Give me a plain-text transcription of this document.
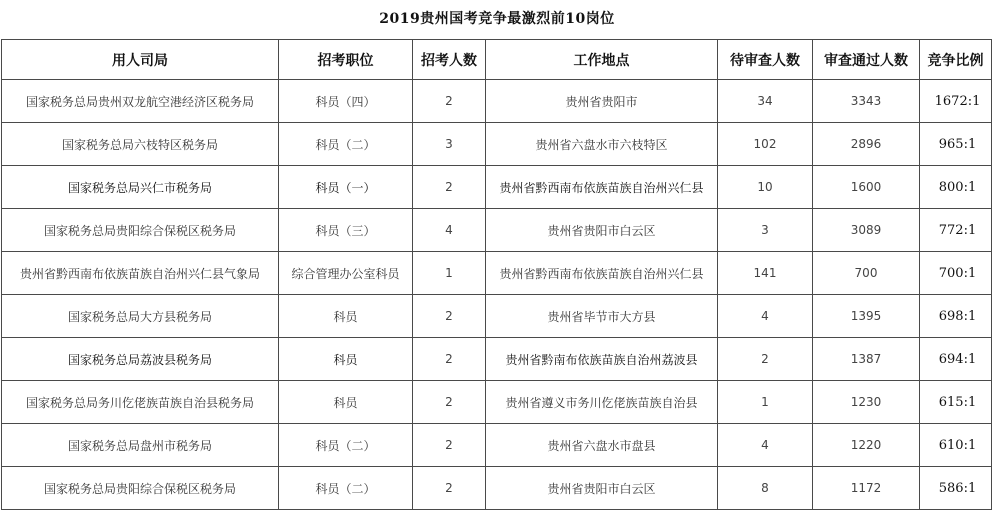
2019贵州国考竞争最激烈前10岗位
用人司局	招考职位	招考人数	工作地点	待审查人数	审查通过人数	竞争比例
国家税务总局贵州双龙航空港经济区税务局	科员（四）	2	贵州省贵阳市	34	3343	1672:1
国家税务总局六枝特区税务局	科员（二）	3	贵州省六盘水市六枝特区	102	2896	965:1
国家税务总局兴仁市税务局	科员（一）	2	贵州省黔西南布依族苗族自治州兴仁县	10	1600	800:1
国家税务总局贵阳综合保税区税务局	科员（三）	4	贵州省贵阳市白云区	3	3089	772:1
贵州省黔西南布依族苗族自治州兴仁县气象局	综合管理办公室科员	1	贵州省黔西南布依族苗族自治州兴仁县	141	700	700:1
国家税务总局大方县税务局	科员	2	贵州省毕节市大方县	4	1395	698:1
国家税务总局荔波县税务局	科员	2	贵州省黔南布依族苗族自治州荔波县	2	1387	694:1
国家税务总局务川仡佬族苗族自治县税务局	科员	2	贵州省遵义市务川仡佬族苗族自治县	1	1230	615:1
国家税务总局盘州市税务局	科员（二）	2	贵州省六盘水市盘县	4	1220	610:1
国家税务总局贵阳综合保税区税务局	科员（二）	2	贵州省贵阳市白云区	8	1172	586:1
